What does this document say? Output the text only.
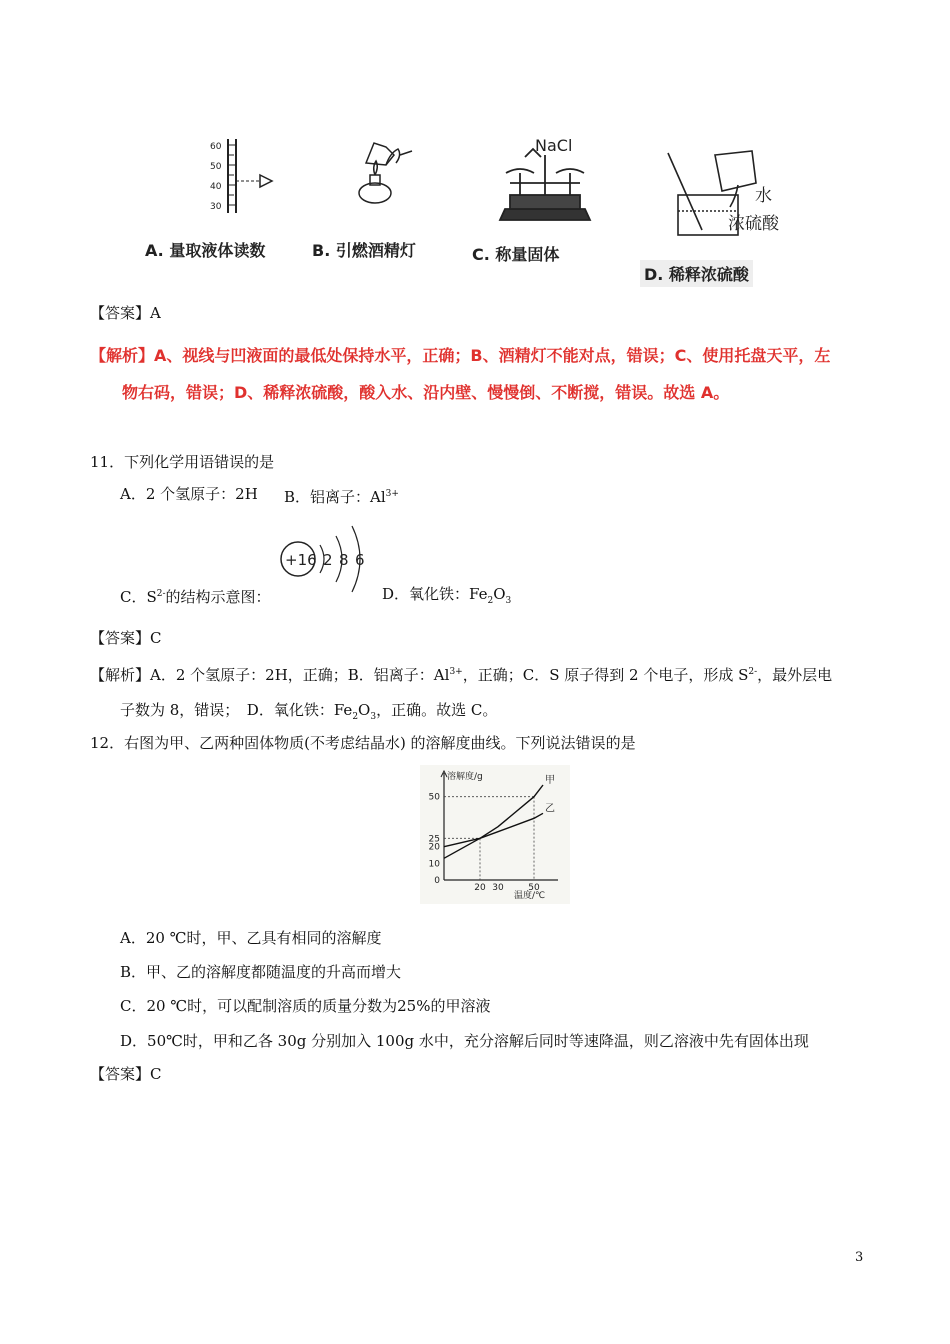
60
50
40
30
NaCl
水
浓硫酸
A. 量取液体读数	B. 引燃酒精灯	C. 称量固体
D. 稀释浓硫酸
【答案】A
【解析】A、视线与凹液面的最低处保持水平，正确；B、酒精灯不能对点，错误；C、使用托盘天平，左
物右码，错误；D、稀释浓硫酸，酸入水、沿内壁、慢慢倒、不断搅，错误。故选 A。
11．下列化学用语错误的是
A．2 个氢原子：2H B．铝离子：$Al^{3+}$
+16 2 8 6
C．$S^{2-}$的结构示意图：	D．氧化铁：$Fe_2O_3$
【答案】C
【解析】A．2 个氢原子：2H，正确；B．铝离子：$Al^{3+}$，正确；C．S 原子得到 2 个电子，形成 $S^{2-}$，最外层电
子数为 8，错误；　D．氧化铁：$Fe_2O_3$，正确。故选 C。
12．右图为甲、乙两种固体物质(不考虑结晶水) 的溶解度曲线。下列说法错误的是
溶解度/g
温度/℃
50
25
20
10
0
20 30	50
甲
乙
A．20 ℃时，甲、乙具有相同的溶解度
B．甲、乙的溶解度都随温度的升高而增大
C．20 ℃时，可以配制溶质的质量分数为25%的甲溶液
D．50℃时，甲和乙各 30g 分别加入 100g 水中，充分溶解后同时等速降温，则乙溶液中先有固体出现
【答案】C
3
